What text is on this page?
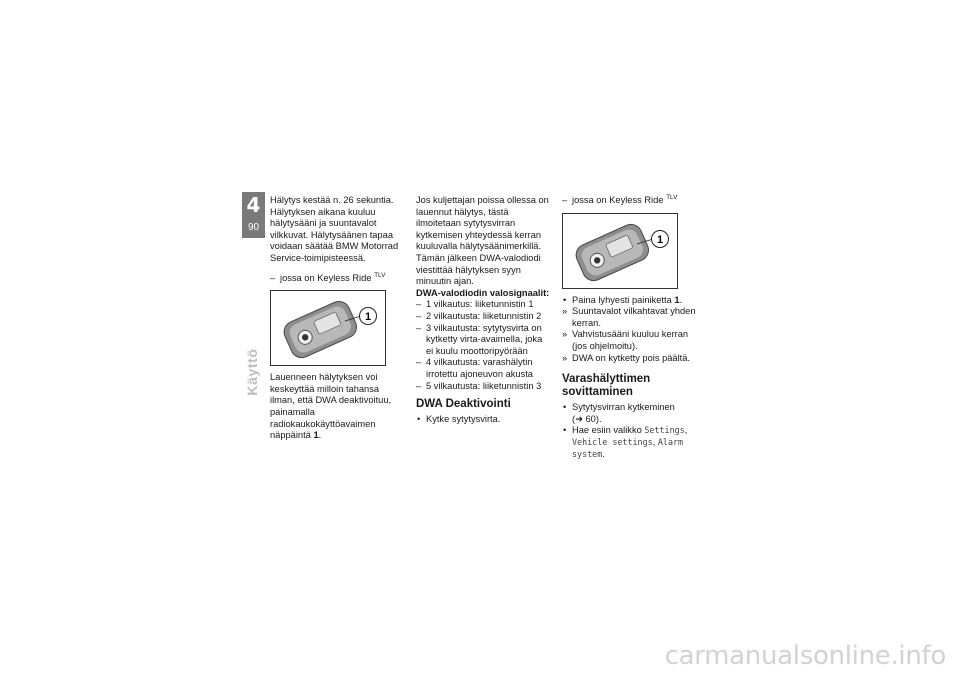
4
90
Käyttö

Hälytys kestää n. 26 sekuntia. Hälytyksen aikana kuuluu hälytysääni ja suuntavalot vilkkuvat. Hälytysäänen tapaa voidaan säätää BMW Motorrad Service-toimipisteessä.

– jossa on Keyless Ride $^{TLV}$

1

Lauenneen hälytyksen voi keskeyttää milloin tahansa ilman, että DWA deaktivoituu, painamalla radiokaukokäyttöavaimen näppäintä 1.

Jos kuljettajan poissa ollessa on lauennut hälytys, tästä ilmoitetaan sytytysvirran kytkemisen yhteydessä kerran kuuluvalla hälytysäänimerkillä. Tämän jälkeen DWA-valodiodi viestittää hälytyksen syyn minuutin ajan.

DWA-valodiodin valosignaalit:

– 1 vilkautus: liiketunnistin 1

– 2 vilkautusta: liiketunnistin 2

– 3 vilkautusta: sytytysvirta on kytketty virta-avaimella, joka ei kuulu moottoripyörään

– 4 vilkautusta: varashälytin irrotettu ajoneuvon akusta

– 5 vilkautusta: liiketunnistin 3

DWA Deaktivointi

• Kytke sytytysvirta.

– jossa on Keyless Ride $^{TLV}$

1

• Paina lyhyesti painiketta 1.

» Suuntavalot vilkahtavat yhden kerran.

» Vahvistusääni kuuluu kerran (jos ohjelmoitu).

» DWA on kytketty pois päältä.

Varashälyttimen sovittaminen

• Sytytysvirran kytkeminen
(➜ 60).

• Hae esiin valikko Settings, Vehicle settings, Alarm system.

carmanualsonline.info
